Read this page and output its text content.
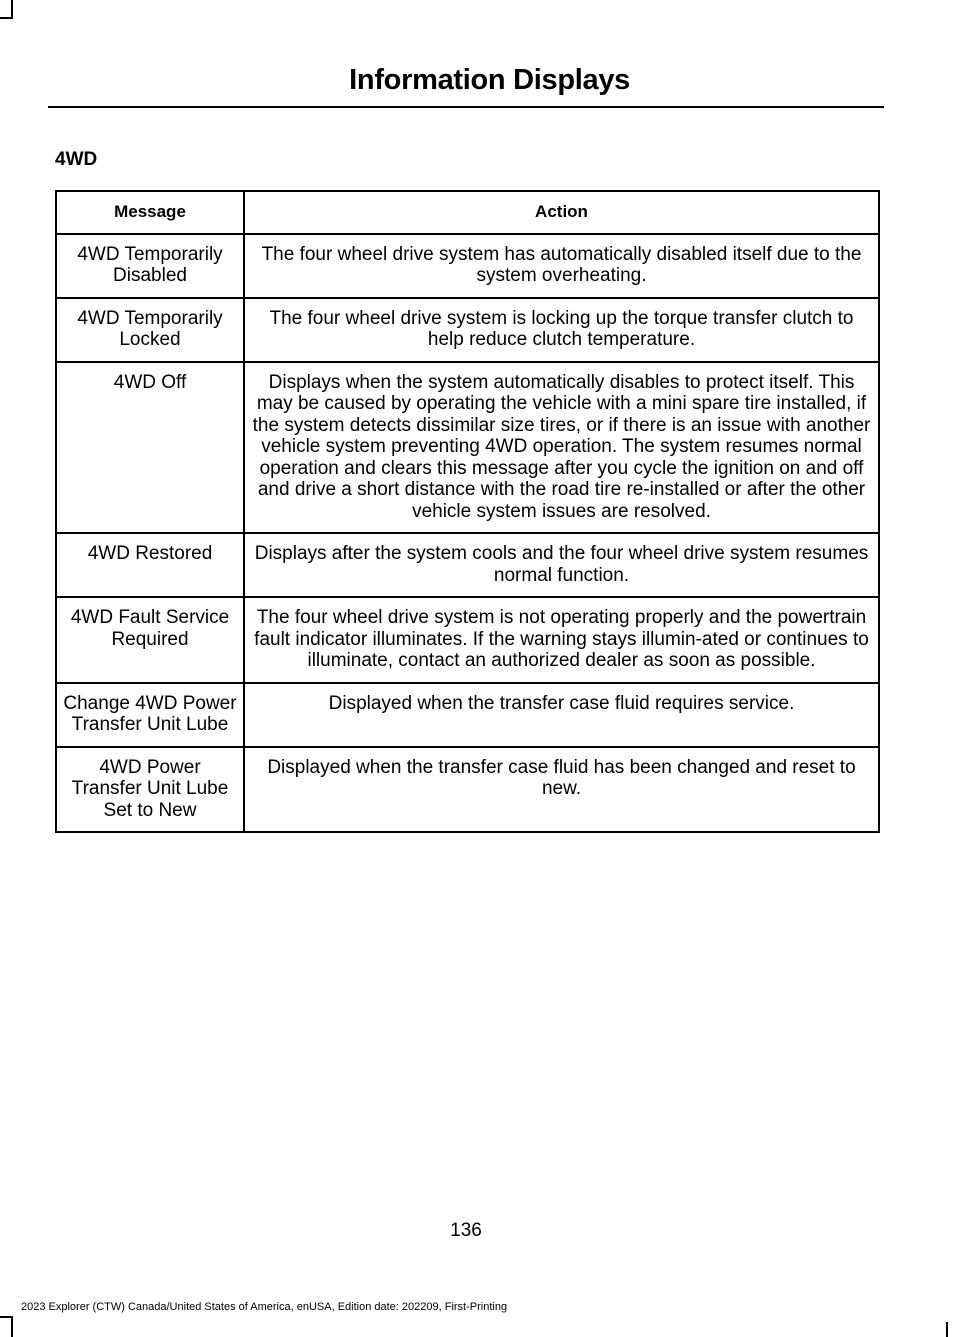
Information Displays
4WD
Message	Action
4WD Temporarily Disabled	The four wheel drive system has automatically disabled itself due to the system overheating.
4WD Temporarily Locked	The four wheel drive system is locking up the torque transfer clutch to help reduce clutch temperature.
4WD Off	Displays when the system automatically disables to protect itself. This may be caused by operating the vehicle with a mini spare tire installed, if the system detects dissimilar size tires, or if there is an issue with another vehicle system preventing 4WD operation. The system resumes normal operation and clears this message after you cycle the ignition on and off and drive a short distance with the road tire re-installed or after the other vehicle system issues are resolved.
4WD Restored	Displays after the system cools and the four wheel drive system resumes normal function.
4WD Fault Service Required	The four wheel drive system is not operating properly and the powertrain fault indicator illuminates. If the warning stays illumin-ated or continues to illuminate, contact an authorized dealer as soon as possible.
Change 4WD Power Transfer Unit Lube	Displayed when the transfer case fluid requires service.
4WD Power Transfer Unit Lube Set to New	Displayed when the transfer case fluid has been changed and reset to new.
136
2023 Explorer (CTW) Canada/United States of America, enUSA, Edition date: 202209, First-Printing
